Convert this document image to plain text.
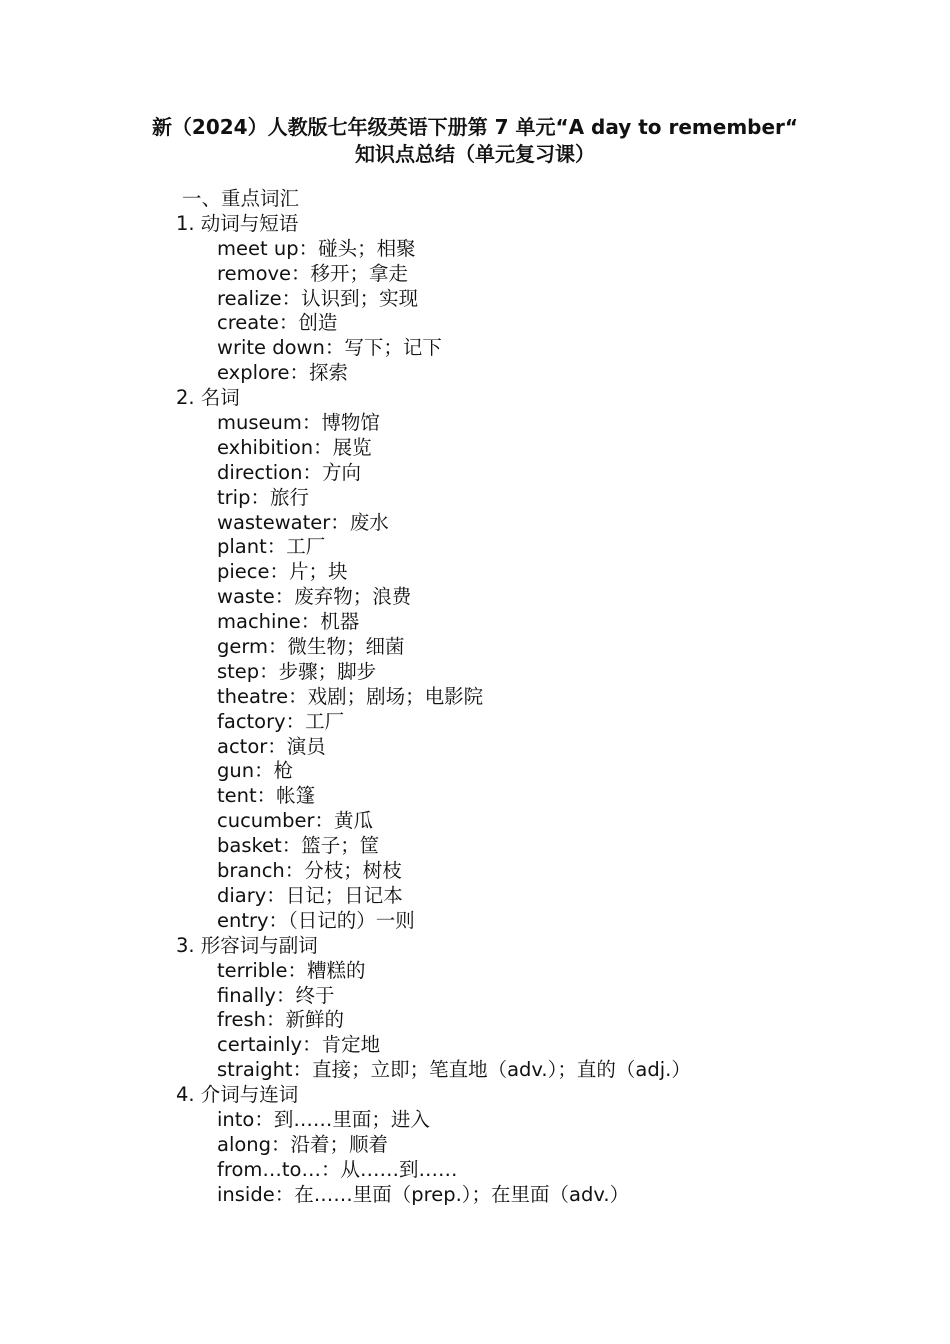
新（2024）人教版七年级英语下册第 7 单元“A day to remember“
知识点总结（单元复习课）
一、重点词汇
1. 动词与短语
meet up：碰头；相聚
remove：移开；拿走
realize：认识到；实现
create：创造
write down：写下；记下
explore：探索
2. 名词
museum：博物馆
exhibition：展览
direction：方向
trip：旅行
wastewater：废水
plant：工厂
piece：片；块
waste：废弃物；浪费
machine：机器
germ：微生物；细菌
step：步骤；脚步
theatre：戏剧；剧场；电影院
factory：工厂
actor：演员
gun：枪
tent：帐篷
cucumber：黄瓜
basket：篮子；筐
branch：分枝；树枝
diary：日记；日记本
entry：（日记的）一则
3. 形容词与副词
terrible：糟糕的
finally：终于
fresh：新鲜的
certainly：肯定地
straight：直接；立即；笔直地（adv.）；直的（adj.）
4. 介词与连词
into：到……里面；进入
along：沿着；顺着
from…to…：从……到……
inside：在……里面（prep.）；在里面（adv.）
